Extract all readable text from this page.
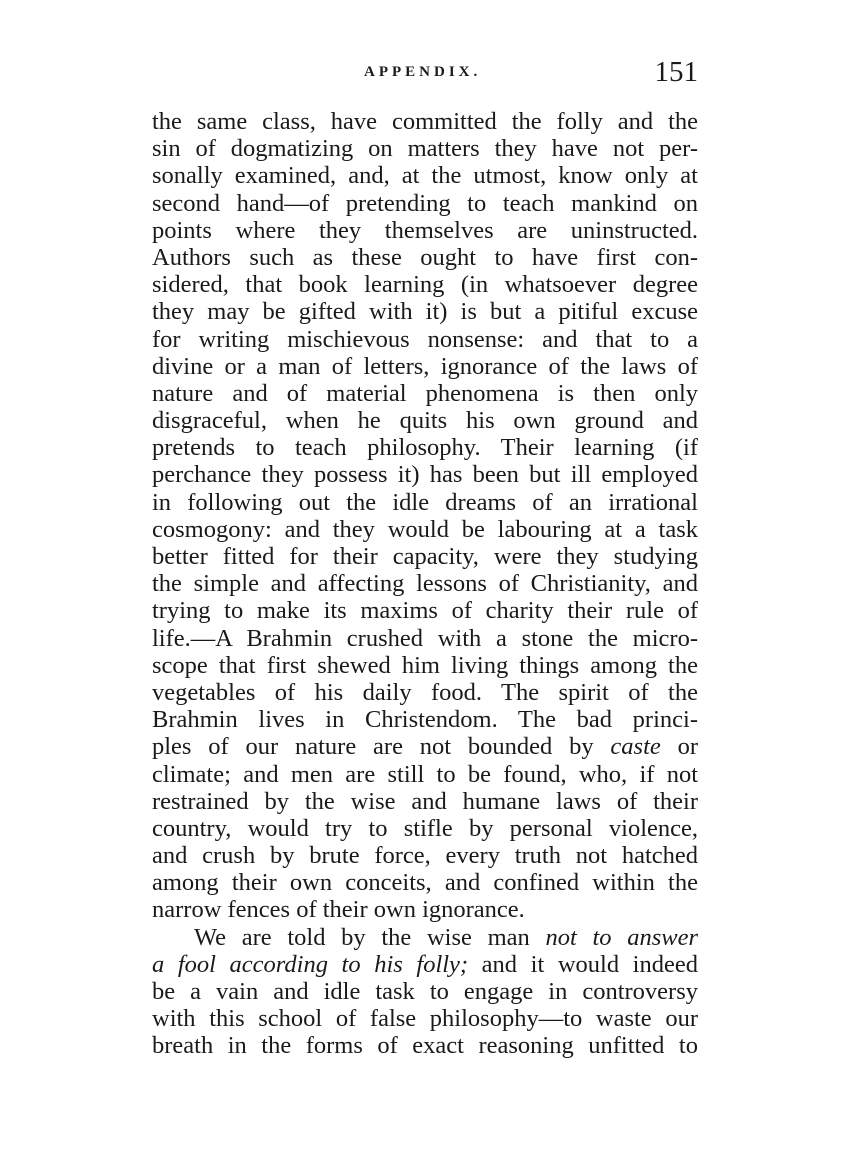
APPENDIX.	151
the same class, have committed the folly and the
sin of dogmatizing on matters they have not per-
sonally examined, and, at the utmost, know only at
second hand—of pretending to teach mankind on
points where they themselves are uninstructed.
Authors such as these ought to have first con-
sidered, that book learning (in whatsoever degree
they may be gifted with it) is but a pitiful excuse
for writing mischievous nonsense: and that to a
divine or a man of letters, ignorance of the laws of
nature and of material phenomena is then only
disgraceful, when he quits his own ground and
pretends to teach philosophy. Their learning (if
perchance they possess it) has been but ill employed
in following out the idle dreams of an irrational
cosmogony: and they would be labouring at a task
better fitted for their capacity, were they studying
the simple and affecting lessons of Christianity, and
trying to make its maxims of charity their rule of
life.—A Brahmin crushed with a stone the micro-
scope that first shewed him living things among the
vegetables of his daily food. The spirit of the
Brahmin lives in Christendom. The bad princi-
ples of our nature are not bounded by caste or
climate; and men are still to be found, who, if not
restrained by the wise and humane laws of their
country, would try to stifle by personal violence,
and crush by brute force, every truth not hatched
among their own conceits, and confined within the
narrow fences of their own ignorance.
We are told by the wise man not to answer
a fool according to his folly; and it would indeed
be a vain and idle task to engage in controversy
with this school of false philosophy—to waste our
breath in the forms of exact reasoning unfitted to
